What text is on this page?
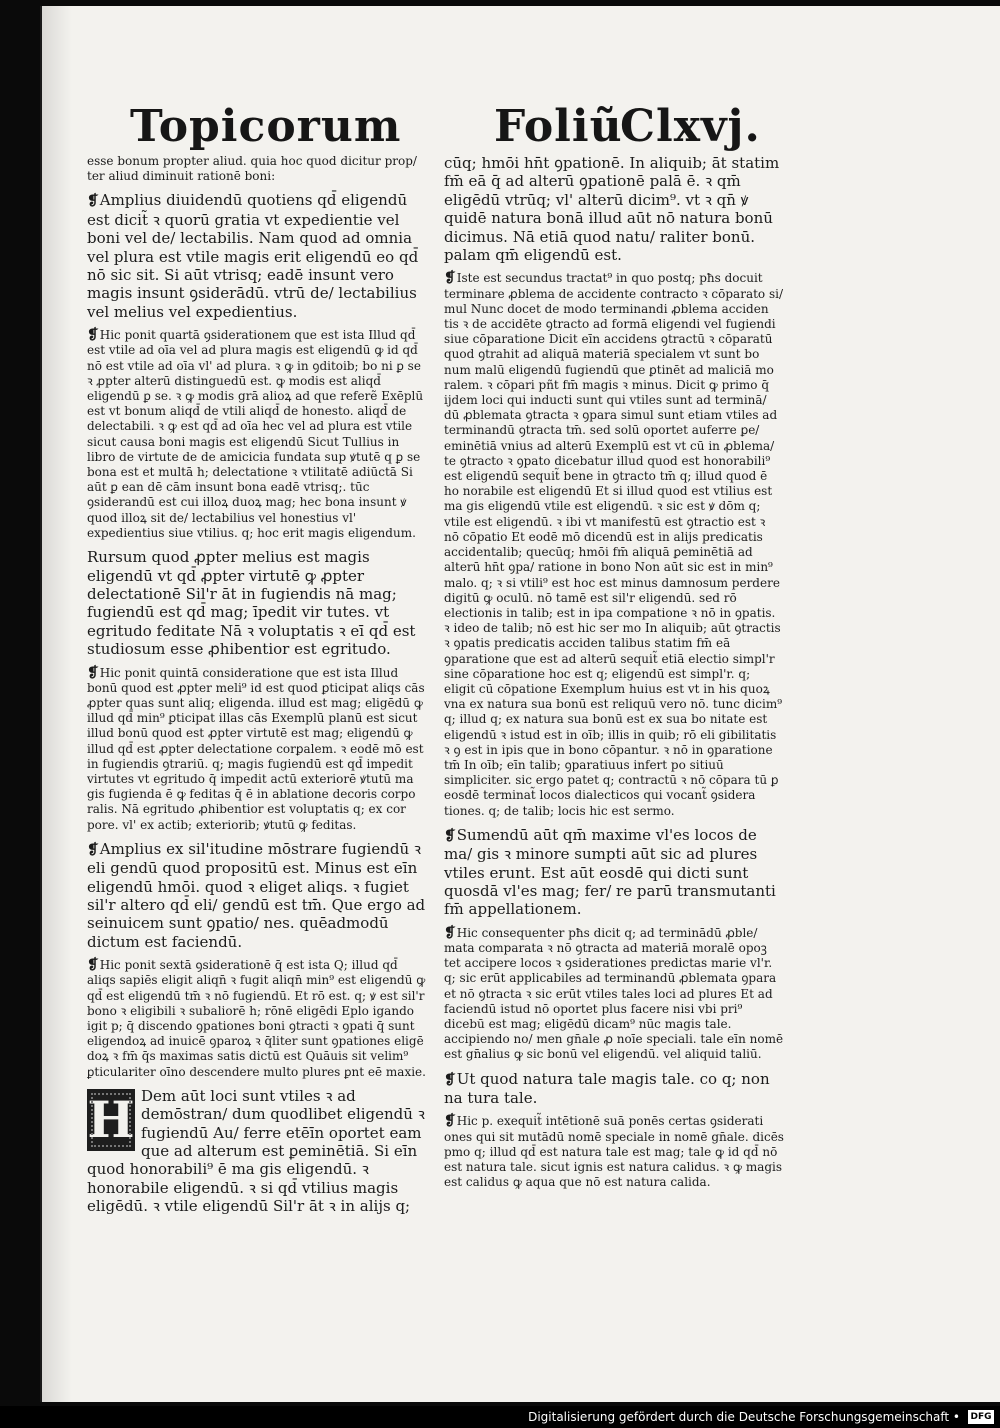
Topicorum Foliũ
Clxvj.

esse bonum propter aliud. quia hoc quod dicitur prop/ ter aliud diminuit rationē boni:

❡Amplius diuidendū quotiens qd̄ eligendū est dicit̃ ꝛ quorū gratia vt expedientie vel boni vel de/ lectabilis. Nam quod ad omnia vel plura est vtile magis erit eligendū eo qd̄ nō sic sit. Si aūt vtrisq; eadē insunt vero magis insunt ꝯsiderādū. vtrū de/ lectabilius vel melius vel expedientius.

❡Hic ponit quartā ꝯsiderationem que est ista Illud qd̄ est vtile ad oīa vel ad plura magis est eligendū ꝙ id qd̄ nō est vtile ad oīa vl' ad plura. ꝛ ꝙ in ꝯditoib; bo ni ꝑ se ꝛ ꝓpter alterū distinguedū est. ꝙ modis est aliqd̄ eligendū ꝑ se. ꝛ ꝙ modis grā alioꝝ ad que referẽ Exēplū est vt bonum aliqd̄ de vtili aliqd̄ de honesto. aliqd̄ de delectabili. ꝛ ꝙ est qd̄ ad oīa hec vel ad plura est vtile sicut causa boni magis est eligendū Sicut Tullius in libro de virtute de de amicicia fundata sup ꝟtutē q ꝑ se bona est et multā h; delectatione ꝛ vtilitatē adiūctā Si aūt ꝑ ean dē cām insunt bona eadē vtrisq;. tūc ꝯsiderandū est cui illoꝝ duoꝝ mag; hec bona insunt ꝟ quod illoꝝ sit de/ lectabilius vel honestius vl' expedientius siue vtilius. q; hoc erit magis eligendum.

Rursum quod ꝓpter melius est magis eligendū vt qd̄ ꝓpter virtutē ꝙ ꝓpter delectationē Sil'r āt in fugiendis nā mag; fugiendū est qd̄ mag; īpedit vir tutes. vt egritudo feditate Nā ꝛ voluptatis ꝛ eī qd̄ est studiosum esse ꝓhibentior est egritudo.

❡Hic ponit quintā consideratione que est ista Illud bonū quod est ꝓpter meli⁹ id est quod ꝑticipat aliqs cās ꝓpter quas sunt aliq; eligenda. illud est mag; eligēdū ꝙ illud qd̄ min⁹ ꝑticipat illas cās Exemplū planū est sicut illud bonū quod est ꝓpter virtutē est mag; eligendū ꝙ illud qd̄ est ꝓpter delectatione corꝑalem. ꝛ eodē mō est in fugiendis ꝯtrariū. q; magis fugiendū est qd̄ impedit virtutes vt egritudo q̄ impedit actū exteriorē ꝟtutū ma gis fugienda ē ꝙ feditas q̄ ē in ablatione decoris corpo ralis. Nā egritudo ꝓhibentior est voluptatis q; ex cor pore. vl' ex actib; exteriorib; ꝟtutū ꝙ feditas.

❡Amplius ex sil'itudine mōstrare fugiendū ꝛ eli gendū quod propositū est. Minus est eīn eligendū hmōi. quod ꝛ eliget aliqs. ꝛ fugiet sil'r altero qd̄ eli/ gendū est tm̄. Que ergo ad seinuicem sunt ꝯpatio/ nes. quēadmodū dictum est faciendū.

❡Hic ponit sextā ꝯsiderationē q̄ est ista Q; illud qd̄ aliqs sapiēs eligit aliqn̄ ꝛ fugit aliqn̄ min⁹ est eligendū ꝙ qd̄ est eligendū tm̄ ꝛ nō fugiendū. Et rō est. q; ꝟ est sil'r bono ꝛ eligibili ꝛ subaliorē h; rōnē eligēdi Eplo igando igit p; q̄ discendo ꝯpationes boni ꝯtracti ꝛ ꝯpati q̄ sunt eligendoꝝ ad inuicē ꝯparoꝝ ꝛ q̄liter sunt ꝯpationes eligē doꝝ ꝛ fm̄ q̄s maximas satis dictū est Quāuis sit velim⁹ ꝑticulariter oīno descendere multo plures ꝑnt eē maxie.

H Dem aūt loci sunt vtiles ꝛ ad demōstran/ dum quodlibet eligendū ꝛ fugiendū Au/ ferre etēīn oportet eam que ad alterum est ꝑeminētiā. Si eīn quod honorabili⁹ ē ma gis eligendū. ꝛ honorabile eligendū. ꝛ si qd̄ vtilius magis eligēdū. ꝛ vtile eligendū Sil'r āt ꝛ in alijs q;

cūq; hmōi hn̄t ꝯpationē. In aliquib; āt statim fm̄ eā q̄ ad alterū ꝯpationē palā ē. ꝛ qm̄ eligēdū vtrūq; vl' alterū dicim⁹. vt ꝛ qn̄ ꝟ quidē natura bonā illud aūt nō natura bonū dicimus. Nā etiā quod natu/ raliter bonū. palam qm̄ eligendū est.

❡Iste est secundus tractat⁹ in quo postq; pħs docuit terminare ꝓblema de accidente contracto ꝛ cōparato si/ mul Nunc docet de modo terminandi ꝓblema acciden tis ꝛ de accidēte ꝯtracto ad formā eligendi vel fugiendi siue cōparatione Dicit eīn accidens ꝯtractū ꝛ cōparatū quod ꝯtrahit ad aliquā materiā specialem vt sunt bo num malū eligendū fugiendū que ꝑtinēt ad maliciā mo ralem. ꝛ cōpari pñt fm̄ magis ꝛ minus. Dicit ꝙ primo q̄ ijdem loci qui inducti sunt qui vtiles sunt ad terminā/ dū ꝓblemata ꝯtracta ꝛ ꝯpara simul sunt etiam vtiles ad terminandū ꝯtracta tm̄. sed solū oportet auferre ꝑe/ eminētiā vnius ad alterū Exemplū est vt cū in ꝓblema/ te ꝯtracto ꝛ ꝯpato dicebatur illud quod est honorabili⁹ est eligendū sequit̃ bene in ꝯtracto tm̄ q; illud quod ē ho norabile est eligendū Et si illud quod est vtilius est ma gis eligendū vtile est eligendū. ꝛ sic est ꝟ dōm q; vtile est eligendū. ꝛ ibi vt manifestū est ꝯtractio est ꝛ nō cōpatio Et eodē mō dicendū est in alijs predicatis accidentalib; quecūq; hmōi fm̄ aliquā ꝑeminētiā ad alterū hn̄t ꝯpa/ ratione in bono Non aūt sic est in min⁹ malo. q; ꝛ si vtili⁹ est hoc est minus damnosum perdere digitū ꝙ oculū. nō tamē est sil'r eligendū. sed rō electionis in talib; est in ipa compatione ꝛ nō in ꝯpatis. ꝛ ideo de talib; nō est hic ser mo In aliquib; aūt ꝯtractis ꝛ ꝯpatis predicatis acciden talibus statim fm̄ eā ꝯparatione que est ad alterū sequit̃ etiā electio simpl'r sine cōparatione hoc est q; eligendū est simpl'r. q; eligit cū cōpatione Exemplum huius est vt in his quoꝝ vna ex natura sua bonū est reliquū vero nō. tunc dicim⁹ q; illud q; ex natura sua bonū est ex sua bo nitate est eligendū ꝛ istud est in oīb; illis in quib; rō eli gibilitatis ꝛ ꝯ est in ipis que in bono cōpantur. ꝛ nō in ꝯparatione tm̄ In oīb; eīn talib; ꝯparatiuus infert po sitiuū simpliciter. sic ergo patet q; contractū ꝛ nō cōpara tū ꝑ eosdē terminat̃ locos dialecticos qui vocant̃ ꝯsidera tiones. q; de talib; locis hic est sermo.

❡Sumendū aūt qm̄ maxime vl'es locos de ma/ gis ꝛ minore sumpti aūt sic ad plures vtiles erunt. Est aūt eosdē qui dicti sunt quosdā vl'es mag; fer/ re parū transmutanti fm̄ appellationem.

❡Hic consequenter pħs dicit q; ad terminādū ꝓble/ mata comparata ꝛ nō ꝯtracta ad materiā moralē opoꝫ tet accipere locos ꝛ ꝯsiderationes predictas marie vl'r. q; sic erūt applicabiles ad terminandū ꝓblemata ꝯpara et nō ꝯtracta ꝛ sic erūt vtiles tales loci ad plures Et ad faciendū istud nō oportet plus facere nisi vbi pri⁹ dicebū est mag; eligēdū dicam⁹ nūc magis tale. accipiendo no/ men gn̄ale ꝓ noīe speciali. tale eīn nomē est gn̄alius ꝙ sic bonū vel eligendū. vel aliquid taliū.

❡Ut quod natura tale magis tale. co q; non na tura tale.

❡Hic p. exequit̃ intētionē suā ponēs certas ꝯsiderati ones qui sit mutādū nomē speciale in nomē gn̄ale. dicēs pmo q; illud qd̄ est natura tale est mag; tale ꝙ id qd̄ nō est natura tale. sicut ignis est natura calidus. ꝛ ꝙ magis est calidus ꝙ aqua que nō est natura calida.

Digitalisierung gefördert durch die Deutsche Forschungsgemeinschaft • DFG
